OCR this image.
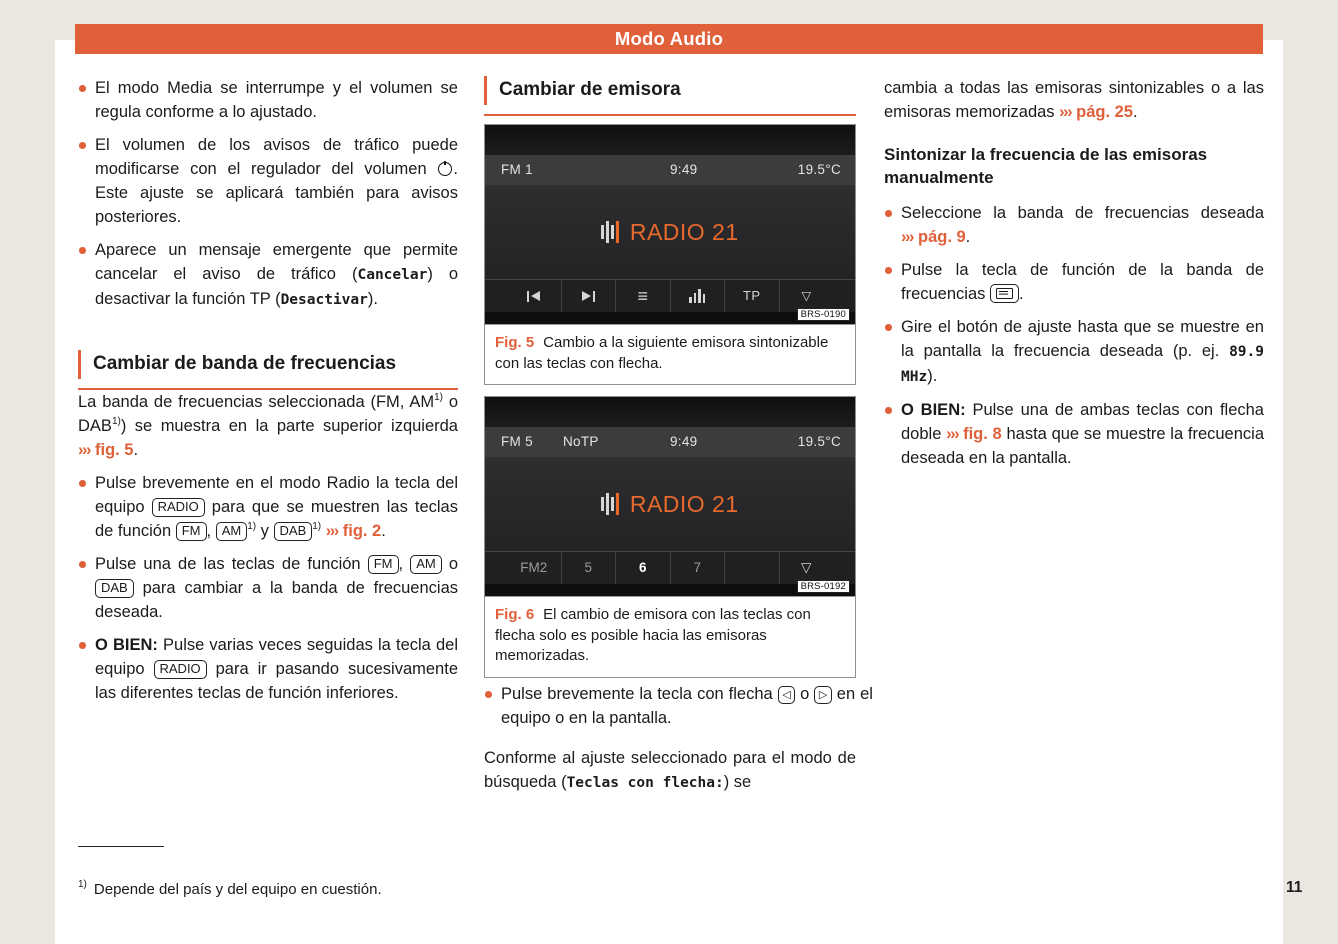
Modo Audio

El modo Media se interrumpe y el volumen se regula conforme a lo ajustado.

El volumen de los avisos de tráfico puede modificarse con el regulador del volumen . Este ajuste se aplicará también para avisos posteriores.

Aparece un mensaje emergente que permite cancelar el aviso de tráfico (Cancelar) o desactivar la función TP (Desactivar).

Cambiar de banda de frecuencias

La banda de frecuencias seleccionada (FM, AM$^{1)}$ o DAB$^{1)}$) se muestra en la parte superior izquierda ››› fig. 5.

Pulse brevemente en el modo Radio la tecla del equipo RADIO para que se muestren las teclas de función FM , AM $^{1)}$ y DAB $^{1)}$ ››› fig. 2.

Pulse una de las teclas de función FM , AM o DAB para cambiar a la banda de frecuencias deseada.

O BIEN: Pulse varias veces seguidas la tecla del equipo RADIO para ir pasando sucesivamente las diferentes teclas de función inferiores.

Cambiar de emisora
FM 1	9:49	19.5°C
RADIO 21
≡	TP	▽
BRS-0190
Fig. 5 Cambio a la siguiente emisora sintonizable con las teclas con flecha.
FM 5 NoTP	9:49	19.5°C
RADIO 21
FM2	5	6	7	▽
BRS-0192
Fig. 6 El cambio de emisora con las teclas con flecha solo es posible hacia las emisoras memorizadas.

Pulse brevemente la tecla con flecha ◁ o ▷ en el equipo o en la pantalla.

Conforme al ajuste seleccionado para el modo de búsqueda (Teclas con flecha:) se

cambia a todas las emisoras sintonizables o a las emisoras memorizadas ››› pág. 25.

Sintonizar la frecuencia de las emisoras manualmente

Seleccione la banda de frecuencias deseada ››› pág. 9.

Pulse la tecla de función de la banda de frecuencias
.

Gire el botón de ajuste hasta que se muestre en la pantalla la frecuencia deseada (p. ej. 89.9 MHz).

O BIEN: Pulse una de ambas teclas con flecha doble ››› fig. 8 hasta que se muestre la frecuencia deseada en la pantalla.

$^{1)}$ Depende del país y del equipo en cuestión.	11
